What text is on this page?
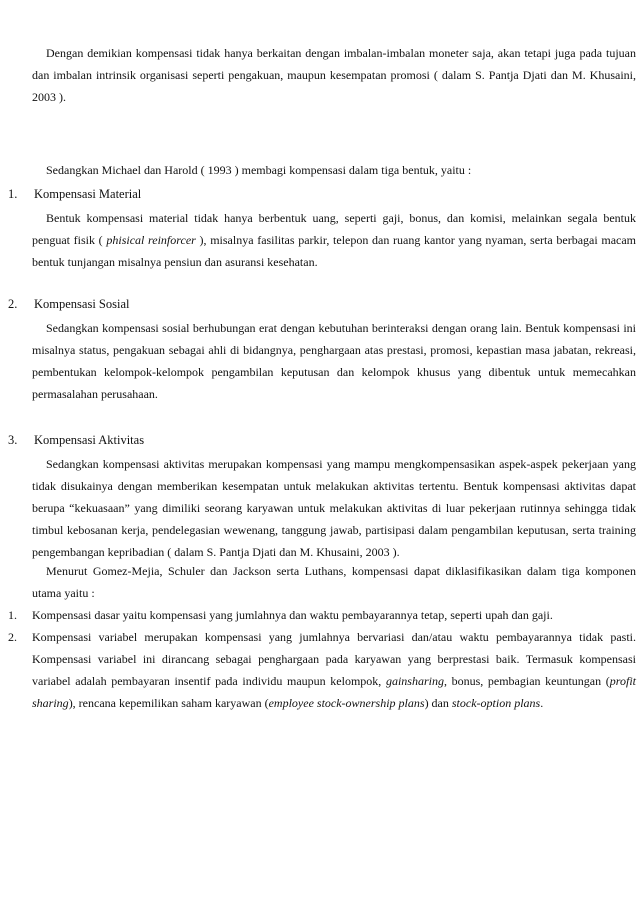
Dengan demikian kompensasi tidak hanya berkaitan dengan imbalan-imbalan moneter saja, akan tetapi juga pada tujuan dan imbalan intrinsik organisasi seperti pengakuan, maupun kesempatan promosi ( dalam S. Pantja Djati dan M. Khusaini, 2003 ).

Sedangkan Michael dan Harold ( 1993 ) membagi kompensasi dalam tiga bentuk, yaitu :

1. Kompensasi Material

Bentuk kompensasi material tidak hanya berbentuk uang, seperti gaji, bonus, dan komisi, melainkan segala bentuk penguat fisik ( phisical reinforcer ), misalnya fasilitas parkir, telepon dan ruang kantor yang nyaman, serta berbagai macam bentuk tunjangan misalnya pensiun dan asuransi kesehatan.

2. Kompensasi Sosial

Sedangkan kompensasi sosial berhubungan erat dengan kebutuhan berinteraksi dengan orang lain. Bentuk kompensasi ini misalnya status, pengakuan sebagai ahli di bidangnya, penghargaan atas prestasi, promosi, kepastian masa jabatan, rekreasi, pembentukan kelompok-kelompok pengambilan keputusan dan kelompok khusus yang dibentuk untuk memecahkan permasalahan perusahaan.

3. Kompensasi Aktivitas

Sedangkan kompensasi aktivitas merupakan kompensasi yang mampu mengkompensasikan aspek-aspek pekerjaan yang tidak disukainya dengan memberikan kesempatan untuk melakukan aktivitas tertentu. Bentuk kompensasi aktivitas dapat berupa “kekuasaan” yang dimiliki seorang karyawan untuk melakukan aktivitas di luar pekerjaan rutinnya sehingga tidak timbul kebosanan kerja, pendelegasian wewenang, tanggung jawab, partisipasi dalam pengambilan keputusan, serta training pengembangan kepribadian ( dalam S. Pantja Djati dan M. Khusaini, 2003 ).

Menurut Gomez-Mejia, Schuler dan Jackson serta Luthans, kompensasi dapat diklasifikasikan dalam tiga komponen utama yaitu :

1. Kompensasi dasar yaitu kompensasi yang jumlahnya dan waktu pembayarannya tetap, seperti upah dan gaji.
2. Kompensasi variabel merupakan kompensasi yang jumlahnya bervariasi dan/atau waktu pembayarannya tidak pasti. Kompensasi variabel ini dirancang sebagai penghargaan pada karyawan yang berprestasi baik. Termasuk kompensasi variabel adalah pembayaran insentif pada individu maupun kelompok, gainsharing, bonus, pembagian keuntungan (profit sharing), rencana kepemilikan saham karyawan (employee stock-ownership plans) dan stock-option plans.
